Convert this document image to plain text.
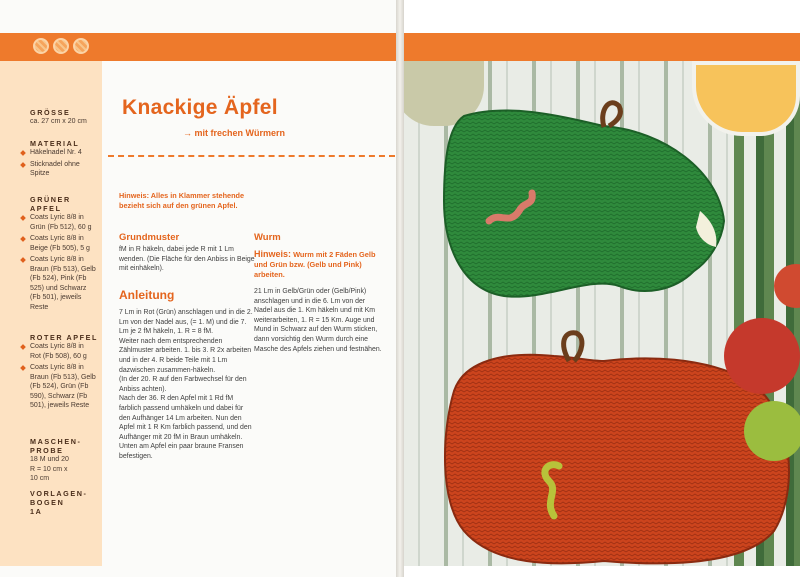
GRÖSSE
ca. 27 cm x 20 cm
MATERIAL
Häkelnadel Nr. 4
Sticknadel ohne Spitze
GRÜNER APFEL
Coats Lyric 8/8 in Grün (Fb 512), 60 g
Coats Lyric 8/8 in Beige (Fb 505), 5 g
Coats Lyric 8/8 in Braun (Fb 513), Gelb (Fb 524), Pink (Fb 525) und Schwarz (Fb 501), jeweils Reste
ROTER APFEL
Coats Lyric 8/8 in Rot (Fb 508), 60 g
Coats Lyric 8/8 in Braun (Fb 513), Gelb (Fb 524), Grün (Fb 590), Schwarz (Fb 501), jeweils Reste
MASCHEN-PROBE
18 M und 20 R = 10 cm x 10 cm
VORLAGEN-BOGEN 1A
Knackige Äpfel
→ mit frechen Würmern
Hinweis: Alles in Klammer stehende bezieht sich auf den grünen Apfel.
Grundmuster
fM in R häkeln, dabei jede R mit 1 Lm wenden. (Die Fläche für den Anbiss in Beige mit einhäkeln).
Anleitung
7 Lm in Rot (Grün) anschlagen und in die 2. Lm von der Nadel aus, (= 1. M) und die 7. Lm je 2 fM häkeln, 1. R = 8 fM.
Weiter nach dem entsprechenden Zählmuster arbeiten. 1. bis 3. R 2x arbeiten und in der 4. R beide Teile mit 1 Lm dazwischen zusammen-häkeln.
(In der 20. R auf den Farbwechsel für den Anbiss achten).
Nach der 36. R den Apfel mit 1 Rd fM farblich passend umhäkeln und dabei für den Aufhänger 14 Lm arbeiten. Nun den Apfel mit 1 R Km farblich passend, und den Aufhänger mit 20 fM in Braun umhäkeln.
Unten am Apfel ein paar braune Fransen befestigen.
Wurm
Hinweis: Wurm mit 2 Fäden Gelb und Grün bzw. (Gelb und Pink) arbeiten.
21 Lm in Gelb/Grün oder (Gelb/Pink) anschlagen und in die 6. Lm von der Nadel aus die 1. Km häkeln und mit Km weiterarbeiten, 1. R = 15 Km. Auge und Mund in Schwarz auf den Wurm sticken, dann vorsichtig den Wurm durch eine Masche des Apfels ziehen und festnähen.
